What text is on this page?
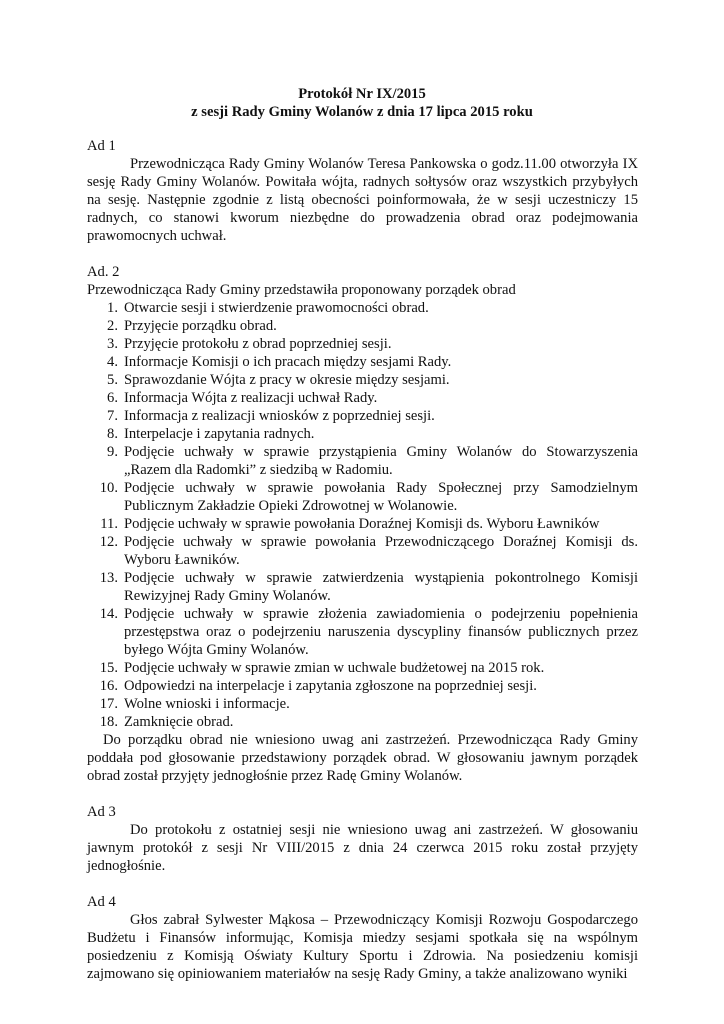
Protokół Nr IX/2015

z sesji Rady Gminy Wolanów z dnia 17 lipca 2015 roku

Ad 1

Przewodnicząca Rady Gminy Wolanów Teresa Pankowska o godz.11.00 otworzyła IX sesję Rady Gminy Wolanów. Powitała wójta, radnych sołtysów oraz wszystkich przybyłych na sesję. Następnie zgodnie z listą obecności poinformowała, że w sesji uczestniczy 15 radnych, co stanowi kworum niezbędne do prowadzenia obrad oraz podejmowania prawomocnych uchwał.

Ad. 2

Przewodnicząca Rady Gminy przedstawiła proponowany porządek obrad

1. Otwarcie sesji i stwierdzenie prawomocności obrad.
2. Przyjęcie porządku obrad.
3. Przyjęcie protokołu z obrad poprzedniej sesji.
4. Informacje Komisji o ich pracach między sesjami Rady.
5. Sprawozdanie Wójta z pracy w okresie między sesjami.
6. Informacja Wójta z realizacji uchwał Rady.
7. Informacja z realizacji wniosków z poprzedniej sesji.
8. Interpelacje i zapytania radnych.
9. Podjęcie uchwały w sprawie przystąpienia Gminy Wolanów do Stowarzyszenia „Razem dla Radomki” z siedzibą w Radomiu.
10. Podjęcie uchwały w sprawie powołania Rady Społecznej przy Samodzielnym Publicznym Zakładzie Opieki Zdrowotnej w Wolanowie.
11. Podjęcie uchwały w sprawie powołania Doraźnej Komisji ds. Wyboru Ławników
12. Podjęcie uchwały w sprawie powołania Przewodniczącego Doraźnej Komisji ds. Wyboru Ławników.
13. Podjęcie uchwały w sprawie zatwierdzenia wystąpienia pokontrolnego Komisji Rewizyjnej Rady Gminy Wolanów.
14. Podjęcie uchwały w sprawie złożenia zawiadomienia o podejrzeniu popełnienia przestępstwa oraz o podejrzeniu naruszenia dyscypliny finansów publicznych przez byłego Wójta Gminy Wolanów.
15. Podjęcie uchwały w sprawie zmian w uchwale budżetowej na 2015 rok.
16. Odpowiedzi na interpelacje i zapytania zgłoszone na poprzedniej sesji.
17. Wolne wnioski i informacje.
18. Zamknięcie obrad.

Do porządku obrad nie wniesiono uwag ani zastrzeżeń. Przewodnicząca Rady Gminy poddała pod głosowanie przedstawiony porządek obrad. W głosowaniu jawnym porządek obrad został przyjęty jednogłośnie przez Radę Gminy Wolanów.

Ad 3

Do protokołu z ostatniej sesji nie wniesiono uwag ani zastrzeżeń. W głosowaniu jawnym protokół z sesji Nr VIII/2015 z dnia 24 czerwca 2015 roku został przyjęty jednogłośnie.

Ad 4

Głos zabrał Sylwester Mąkosa – Przewodniczący Komisji Rozwoju Gospodarczego Budżetu i Finansów informując, Komisja miedzy sesjami spotkała się na wspólnym posiedzeniu z Komisją Oświaty Kultury Sportu i Zdrowia. Na posiedzeniu komisji zajmowano się opiniowaniem materiałów na sesję Rady Gminy, a także analizowano wyniki
